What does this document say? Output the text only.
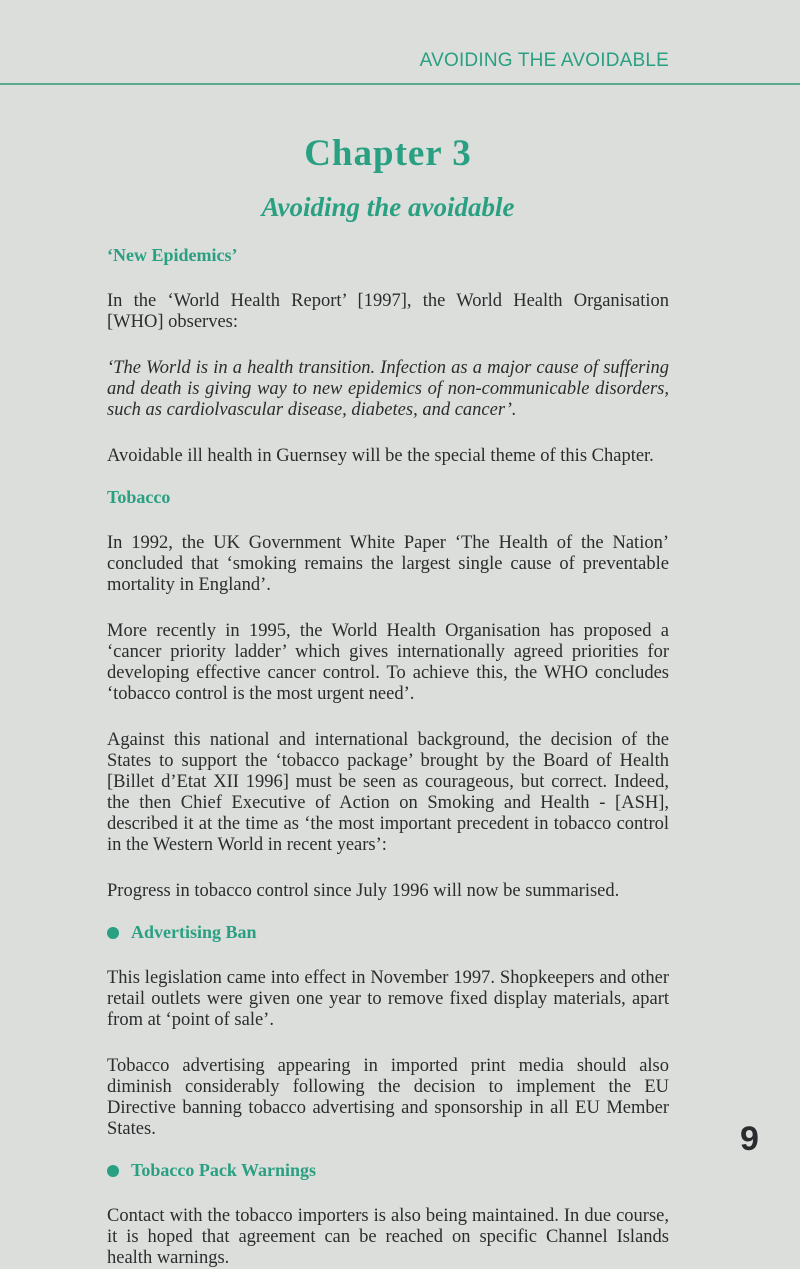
AVOIDING THE AVOIDABLE
Chapter 3
Avoiding the avoidable
‘New Epidemics’

In the ‘World Health Report’ [1997], the World Health Organisation [WHO] observes:

‘The World is in a health transition. Infection as a major cause of suffering and death is giving way to new epidemics of non-communicable disorders, such as cardiolvascular disease, diabetes, and cancer’.

Avoidable ill health in Guernsey will be the special theme of this Chapter.

Tobacco

In 1992, the UK Government White Paper ‘The Health of the Nation’ concluded that ‘smoking remains the largest single cause of preventable mortality in England’.

More recently in 1995, the World Health Organisation has proposed a ‘cancer priority ladder’ which gives internationally agreed priorities for developing effective cancer control. To achieve this, the WHO concludes ‘tobacco control is the most urgent need’.

Against this national and international background, the decision of the States to support the ‘tobacco package’ brought by the Board of Health [Billet d’Etat XII 1996] must be seen as courageous, but correct. Indeed, the then Chief Executive of Action on Smoking and Health - [ASH], described it at the time as ‘the most important precedent in tobacco control in the Western World in recent years’:

Progress in tobacco control since July 1996 will now be summarised.

Advertising Ban

This legislation came into effect in November 1997. Shopkeepers and other retail outlets were given one year to remove fixed display materials, apart from at ‘point of sale’.

Tobacco advertising appearing in imported print media should also diminish considerably following the decision to implement the EU Directive banning tobacco advertising and sponsorship in all EU Member States.

Tobacco Pack Warnings

Contact with the tobacco importers is also being maintained. In due course, it is hoped that agreement can be reached on specific Channel Islands health warnings.

9
